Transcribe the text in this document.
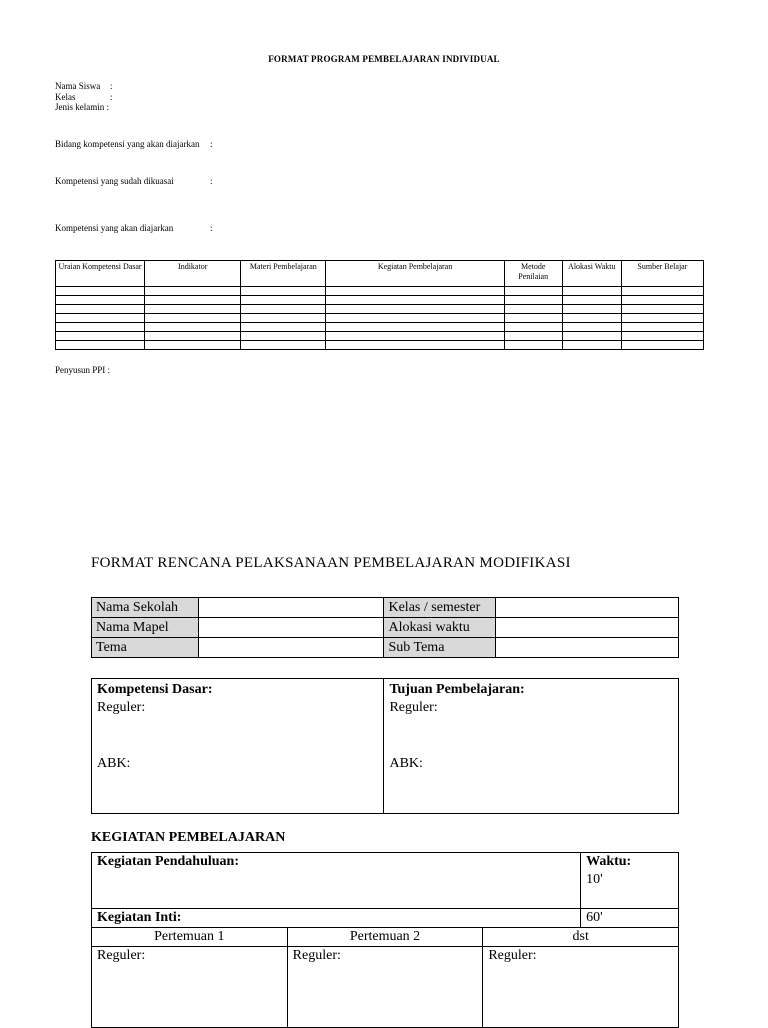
FORMAT PROGRAM PEMBELAJARAN INDIVIDUAL
Nama Siswa :
Kelas	:
Jenis kelamin :
Bidang kompetensi yang akan diajarkan :
Kompetensi yang sudah dikuasai	:
Kompetensi yang akan diajarkan	:
Uraian Kompetensi Dasar	Indikator	Materi Pembelajaran	Kegiatan Pembelajaran	Metode Penilaian	Alokasi Waktu	Sumber Belajar

Penyusun PPI :
FORMAT RENCANA PELAKSANAAN PEMBELAJARAN MODIFIKASI
Nama Sekolah		Kelas / semester	
Nama Mapel		Alokasi waktu	
Tema		Sub Tema	
Kompetensi Dasar:
Reguler:
ABK:

Tujuan Pembelajaran:
Reguler:
ABK:
KEGIATAN PEMBELAJARAN
Kegiatan Pendahuluan:			Waktu:
10'

Kegiatan Inti:			60'
Pertemuan 1	Pertemuan 2	dst	
Reguler:	Reguler:	Reguler:	
